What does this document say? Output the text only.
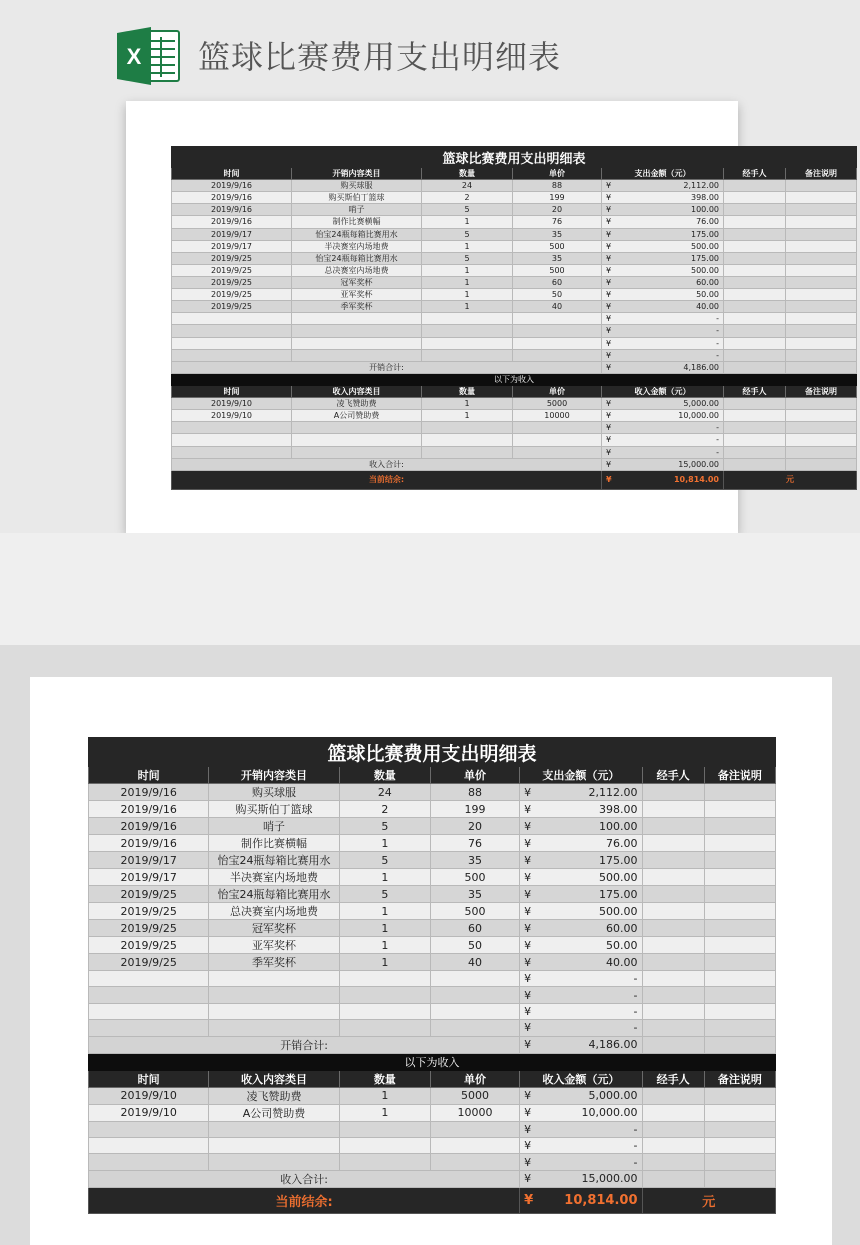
X 篮球比赛费用支出明细表
篮球比赛费用支出明细表						
时间	开销内容类目	数量	单价	支出金额（元）	经手人	备注说明
2019/9/16	购买球服	24	88	¥ 2,112.00		

2019/9/16	购买斯伯丁篮球	2	199	¥ 398.00		

2019/9/16	哨子	5	20	¥ 100.00		

2019/9/16	制作比赛横幅	1	76	¥ 76.00		

2019/9/17	怡宝24瓶每箱比赛用水	5	35	¥ 175.00		

2019/9/17	半决赛室内场地费	1	500	¥ 500.00		

2019/9/25	怡宝24瓶每箱比赛用水	5	35	¥ 175.00		

2019/9/25	总决赛室内场地费	1	500	¥ 500.00		

2019/9/25	冠军奖杯	1	60	¥ 60.00		

2019/9/25	亚军奖杯	1	50	¥ 50.00		

2019/9/25	季军奖杯	1	40	¥ 40.00		

				¥ -		

				¥ -		

				¥ -		

				¥ -		

开销合计:				¥ 4,186.00		

以下为收入						
时间	收入内容类目	数量	单价	收入金额（元）	经手人	备注说明
2019/9/10	凌飞赞助费	1	5000	¥ 5,000.00		

2019/9/10	A公司赞助费	1	10000	¥ 10,000.00		

				¥ -		

				¥ -		

				¥ -		

收入合计:				¥ 15,000.00		

当前结余:				¥ 10,814.00	元	
篮球比赛费用支出明细表						
时间	开销内容类目	数量	单价	支出金额（元）	经手人	备注说明
2019/9/16	购买球服	24	88	¥ 2,112.00		

2019/9/16	购买斯伯丁篮球	2	199	¥ 398.00		

2019/9/16	哨子	5	20	¥ 100.00		

2019/9/16	制作比赛横幅	1	76	¥ 76.00		

2019/9/17	怡宝24瓶每箱比赛用水	5	35	¥ 175.00		

2019/9/17	半决赛室内场地费	1	500	¥ 500.00		

2019/9/25	怡宝24瓶每箱比赛用水	5	35	¥ 175.00		

2019/9/25	总决赛室内场地费	1	500	¥ 500.00		

2019/9/25	冠军奖杯	1	60	¥ 60.00		

2019/9/25	亚军奖杯	1	50	¥ 50.00		

2019/9/25	季军奖杯	1	40	¥ 40.00		

				¥ -		

				¥ -		

				¥ -		

				¥ -		

开销合计:				¥ 4,186.00		

以下为收入						
时间	收入内容类目	数量	单价	收入金额（元）	经手人	备注说明
2019/9/10	凌飞赞助费	1	5000	¥ 5,000.00		

2019/9/10	A公司赞助费	1	10000	¥ 10,000.00		

				¥ -		

				¥ -		

				¥ -		

收入合计:				¥ 15,000.00		

当前结余:				¥ 10,814.00	元	
